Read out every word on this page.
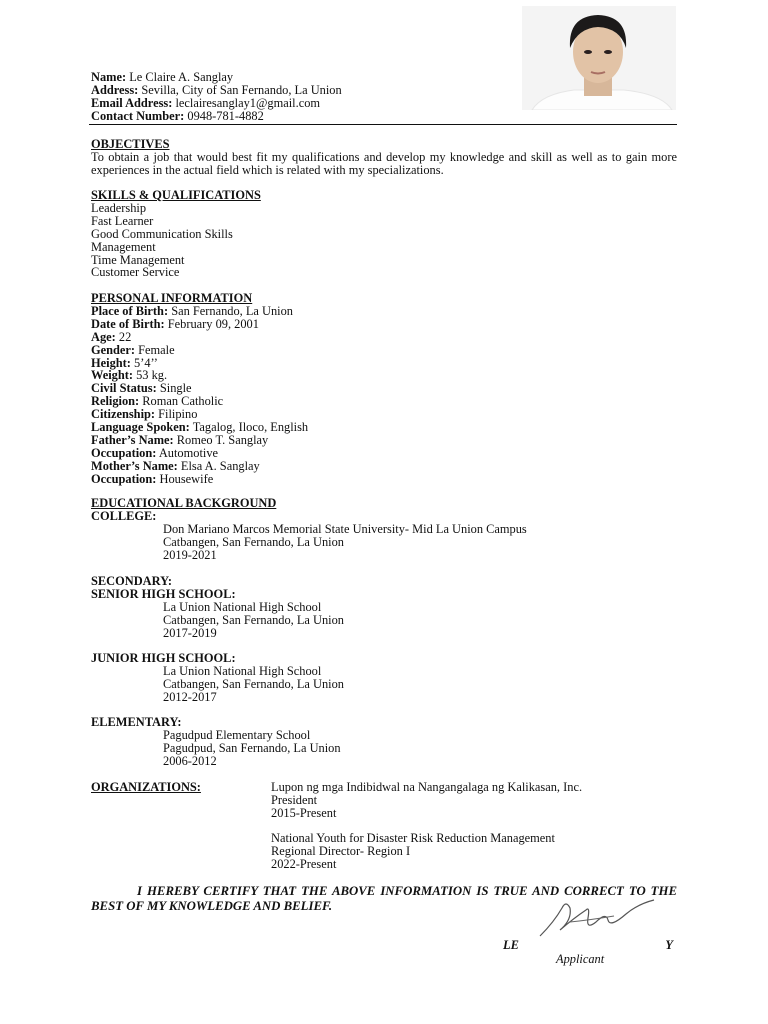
Name: Le Claire A. Sanglay
Address: Sevilla, City of San Fernando, La Union
Email Address: leclairesanglay1@gmail.com
Contact Number: 0948-781-4882
OBJECTIVES
To obtain a job that would best fit my qualifications and develop my knowledge and skill as well as to gain more experiences in the actual field which is related with my specializations.
SKILLS & QUALIFICATIONS
Leadership
Fast Learner
Good Communication Skills
Management
Time Management
Customer Service
PERSONAL INFORMATION
Place of Birth: San Fernando, La Union
Date of Birth: February 09, 2001
Age: 22
Gender: Female
Height: 5’4’’
Weight: 53 kg.
Civil Status: Single
Religion: Roman Catholic
Citizenship: Filipino
Language Spoken: Tagalog, Iloco, English
Father’s Name: Romeo T. Sanglay
Occupation: Automotive
Mother’s Name: Elsa A. Sanglay
Occupation: Housewife
EDUCATIONAL BACKGROUND
COLLEGE:
Don Mariano Marcos Memorial State University- Mid La Union Campus
Catbangen, San Fernando, La Union
2019-2021
SECONDARY:
SENIOR HIGH SCHOOL:
La Union National High School
Catbangen, San Fernando, La Union
2017-2019
JUNIOR HIGH SCHOOL:
La Union National High School
Catbangen, San Fernando, La Union
2012-2017
ELEMENTARY:
Pagudpud Elementary School
Pagudpud, San Fernando, La Union
2006-2012
ORGANIZATIONS:	Lupon ng mga Indibidwal na Nangangalaga ng Kalikasan, Inc.
President
2015-Present
National Youth for Disaster Risk Reduction Management
Regional Director- Region I
2022-Present
I HEREBY CERTIFY THAT THE ABOVE INFORMATION IS TRUE AND CORRECT TO THE BEST OF MY KNOWLEDGE AND BELIEF.
LE	Y
Applicant
